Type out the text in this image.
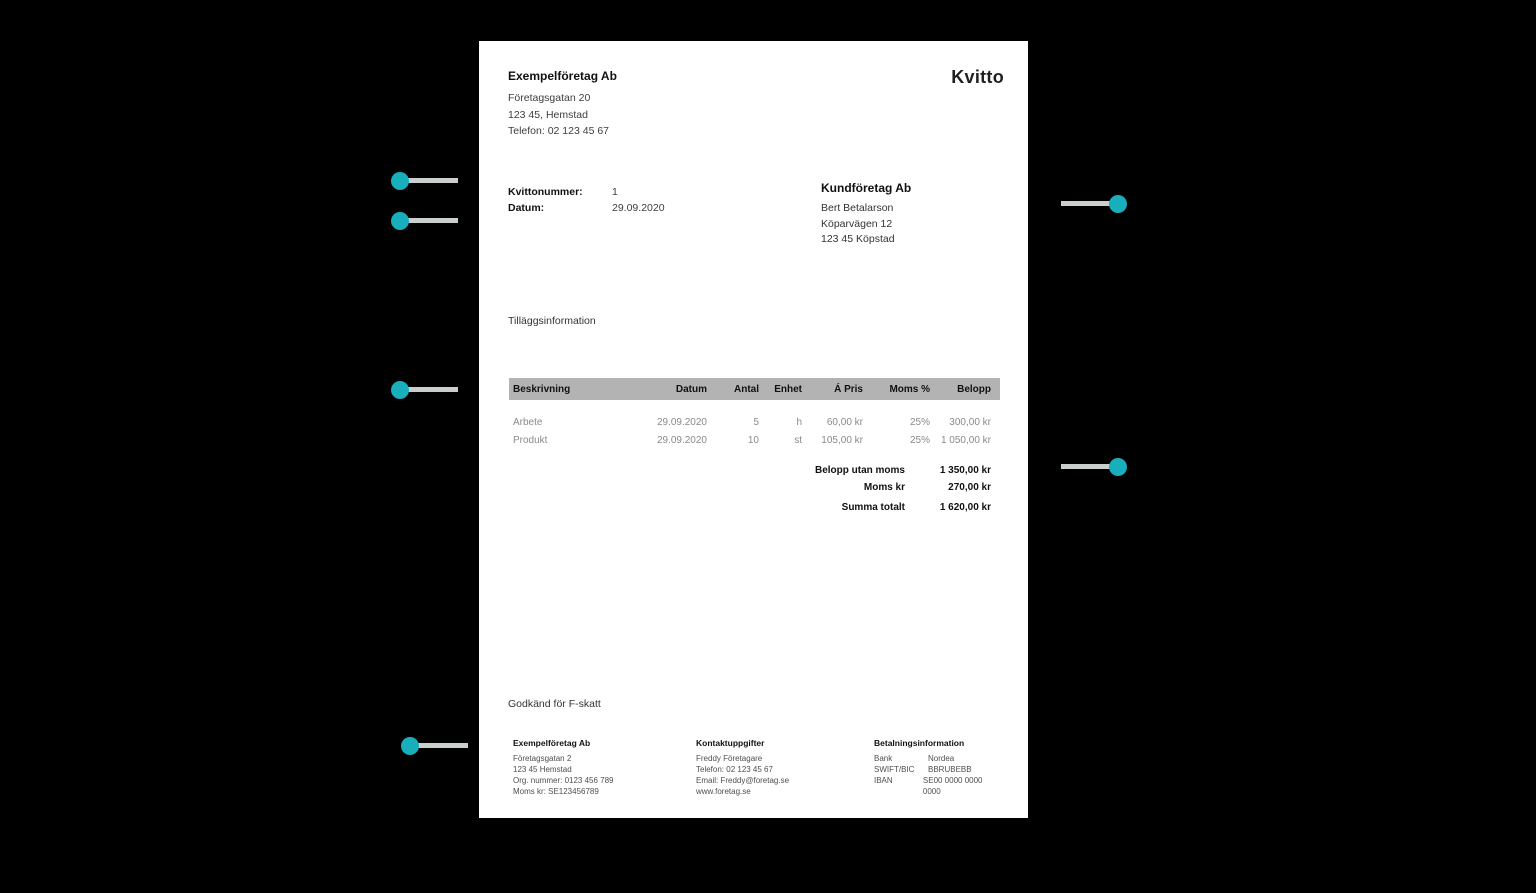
Exempelföretag Ab
Företagsgatan 20
123 45, Hemstad
Telefon: 02 123 45 67
Kvitto
Kvittonummer:	1
Datum:	29.09.2020
Kundföretag Ab
Bert Betalarson
Köparvägen 12
123 45 Köpstad
Tilläggsinformation
Beskrivning	Datum	Antal	Enhet	Á Pris	Moms %	Belopp
Arbete	29.09.2020	5	h	60,00 kr	25%	300,00 kr
Produkt	29.09.2020	10	st	105,00 kr	25%	1 050,00 kr
Belopp utan moms	1 350,00 kr
Moms kr	270,00 kr
Summa totalt	1 620,00 kr
Godkänd för F-skatt
Exempelföretag Ab
Företagsgatan 2
123 45 Hemstad
Org. nummer: 0123 456 789
Moms kr: SE123456789
Kontaktuppgifter
Freddy Företagare
Telefon: 02 123 45 67
Email: Freddy@foretag.se
www.foretag.se
Betalningsinformation
Bank	Nordea
SWIFT/BIC	BBRUBEBB
IBAN	SE00 0000 0000 0000
